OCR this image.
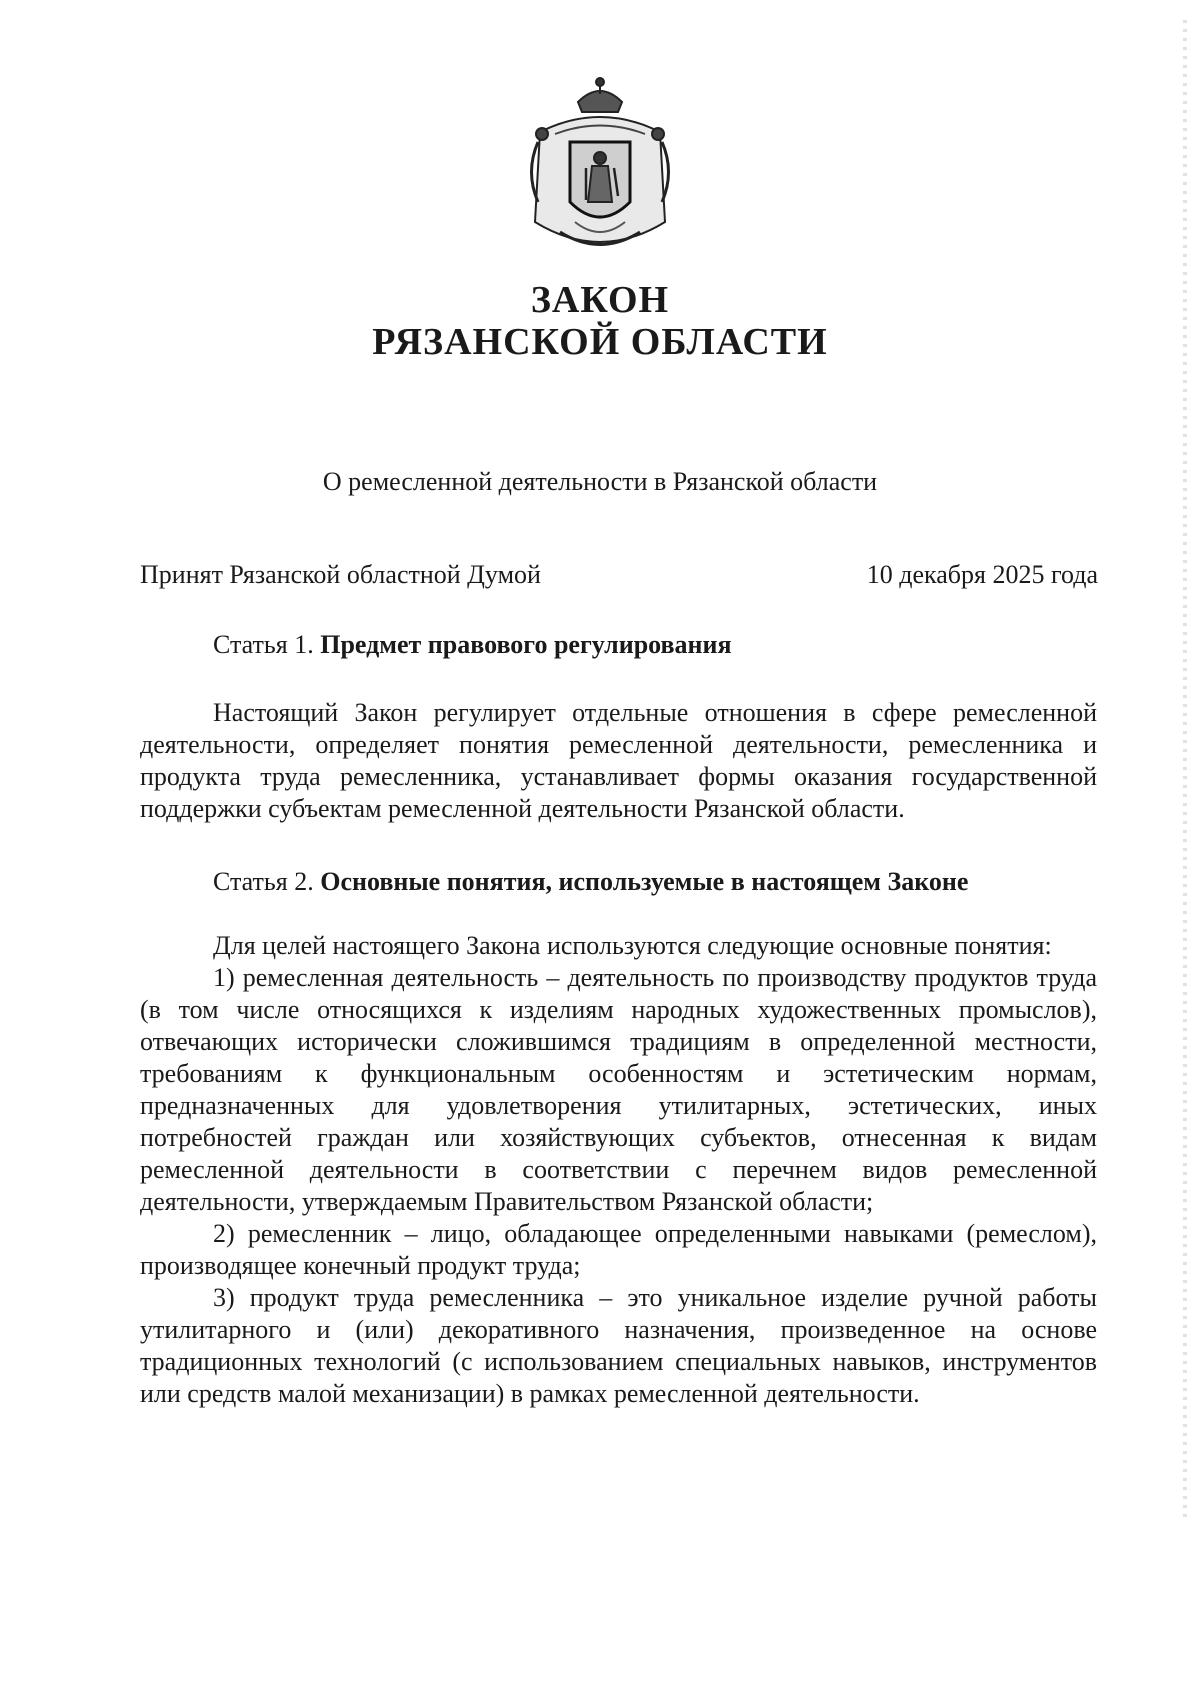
ЗАКОН
РЯЗАНСКОЙ ОБЛАСТИ
О ремесленной деятельности в Рязанской области
Принят Рязанской областной Думой	10 декабря 2025 года
Статья 1. Предмет правового регулирования

Настоящий Закон регулирует отдельные отношения в сфере ремесленной деятельности, определяет понятия ремесленной деятельности, ремесленника и продукта труда ремесленника, устанавливает формы оказания государственной поддержки субъектам ремесленной деятельности Рязанской области.

Статья 2. Основные понятия, используемые в настоящем Законе

Для целей настоящего Закона используются следующие основные понятия:

1) ремесленная деятельность – деятельность по производству продуктов труда (в том числе относящихся к изделиям народных художественных промыслов), отвечающих исторически сложившимся традициям в определенной местности, требованиям к функциональным особенностям и эстетическим нормам, предназначенных для удовлетворения утилитарных, эстетических, иных потребностей граждан или хозяйствующих субъектов, отнесенная к видам ремесленной деятельности в соответствии с перечнем видов ремесленной деятельности, утверждаемым Правительством Рязанской области;

2) ремесленник – лицо, обладающее определенными навыками (ремеслом), производящее конечный продукт труда;

3) продукт труда ремесленника – это уникальное изделие ручной работы утилитарного и (или) декоративного назначения, произведенное на основе традиционных технологий (с использованием специальных навыков, инструментов или средств малой механизации) в рамках ремесленной деятельности.
